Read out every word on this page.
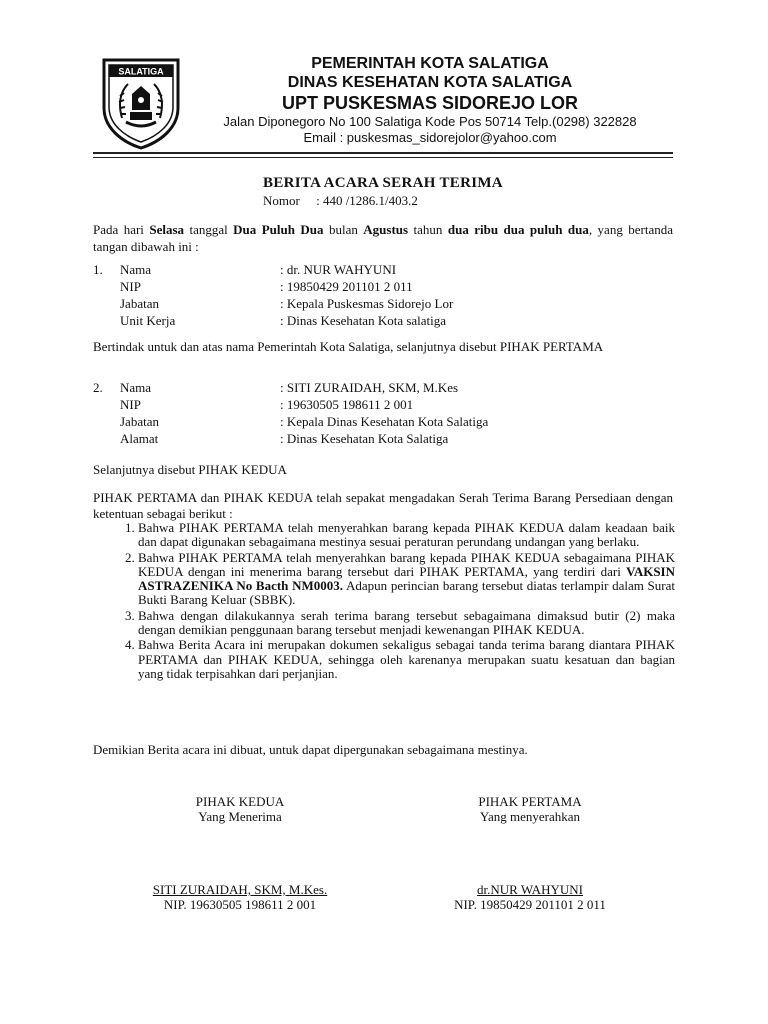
SALATIGA	PEMERINTAH KOTA SALATIGA
DINAS KESEHATAN KOTA SALATIGA
UPT PUSKESMAS SIDOREJO LOR
Jalan Diponegoro No 100 Salatiga Kode Pos 50714 Telp.(0298) 322828
Email : puskesmas_sidorejolor@yahoo.com
BERITA ACARA SERAH TERIMA
Nomor     : 440 /1286.1/403.2
Pada hari Selasa tanggal Dua Puluh Dua bulan Agustus tahun dua ribu dua puluh dua, yang bertanda tangan dibawah ini :
1.	Nama	: dr. NUR WAHYUNI
	NIP	: 19850429 201101 2 011
	Jabatan	: Kepala Puskesmas Sidorejo Lor
	Unit Kerja	: Dinas Kesehatan Kota salatiga
Bertindak untuk dan atas nama Pemerintah Kota Salatiga, selanjutnya disebut PIHAK PERTAMA
2.	Nama	: SITI ZURAIDAH, SKM, M.Kes
	NIP	: 19630505 198611 2 001
	Jabatan	: Kepala Dinas Kesehatan Kota Salatiga
	Alamat	: Dinas Kesehatan Kota Salatiga
Selanjutnya disebut PIHAK KEDUA
PIHAK PERTAMA dan PIHAK KEDUA telah sepakat mengadakan Serah Terima Barang Persediaan dengan ketentuan sebagai berikut :
1. Bahwa PIHAK PERTAMA telah menyerahkan barang kepada PIHAK KEDUA dalam keadaan baik dan dapat digunakan sebagaimana mestinya sesuai peraturan perundang undangan yang berlaku.
2. Bahwa PIHAK PERTAMA telah menyerahkan barang kepada PIHAK KEDUA sebagaimana PIHAK KEDUA dengan ini menerima barang tersebut dari PIHAK PERTAMA, yang terdiri dari VAKSIN ASTRAZENIKA No Bacth NM0003. Adapun perincian barang tersebut diatas terlampir dalam Surat Bukti Barang Keluar (SBBK).
3. Bahwa dengan dilakukannya serah terima barang tersebut sebagaimana dimaksud butir (2) maka dengan demikian penggunaan barang tersebut menjadi kewenangan PIHAK KEDUA.
4. Bahwa Berita Acara ini merupakan dokumen sekaligus sebagai tanda terima barang diantara PIHAK PERTAMA dan PIHAK KEDUA, sehingga oleh karenanya merupakan suatu kesatuan dan bagian yang tidak terpisahkan dari perjanjian.
Demikian Berita acara ini dibuat, untuk dapat dipergunakan sebagaimana mestinya.
PIHAK KEDUA
Yang Menerima
PIHAK PERTAMA
Yang menyerahkan
SITI ZURAIDAH, SKM, M.Kes.
NIP. 19630505 198611 2 001
dr.NUR WAHYUNI
NIP. 19850429 201101 2 011
